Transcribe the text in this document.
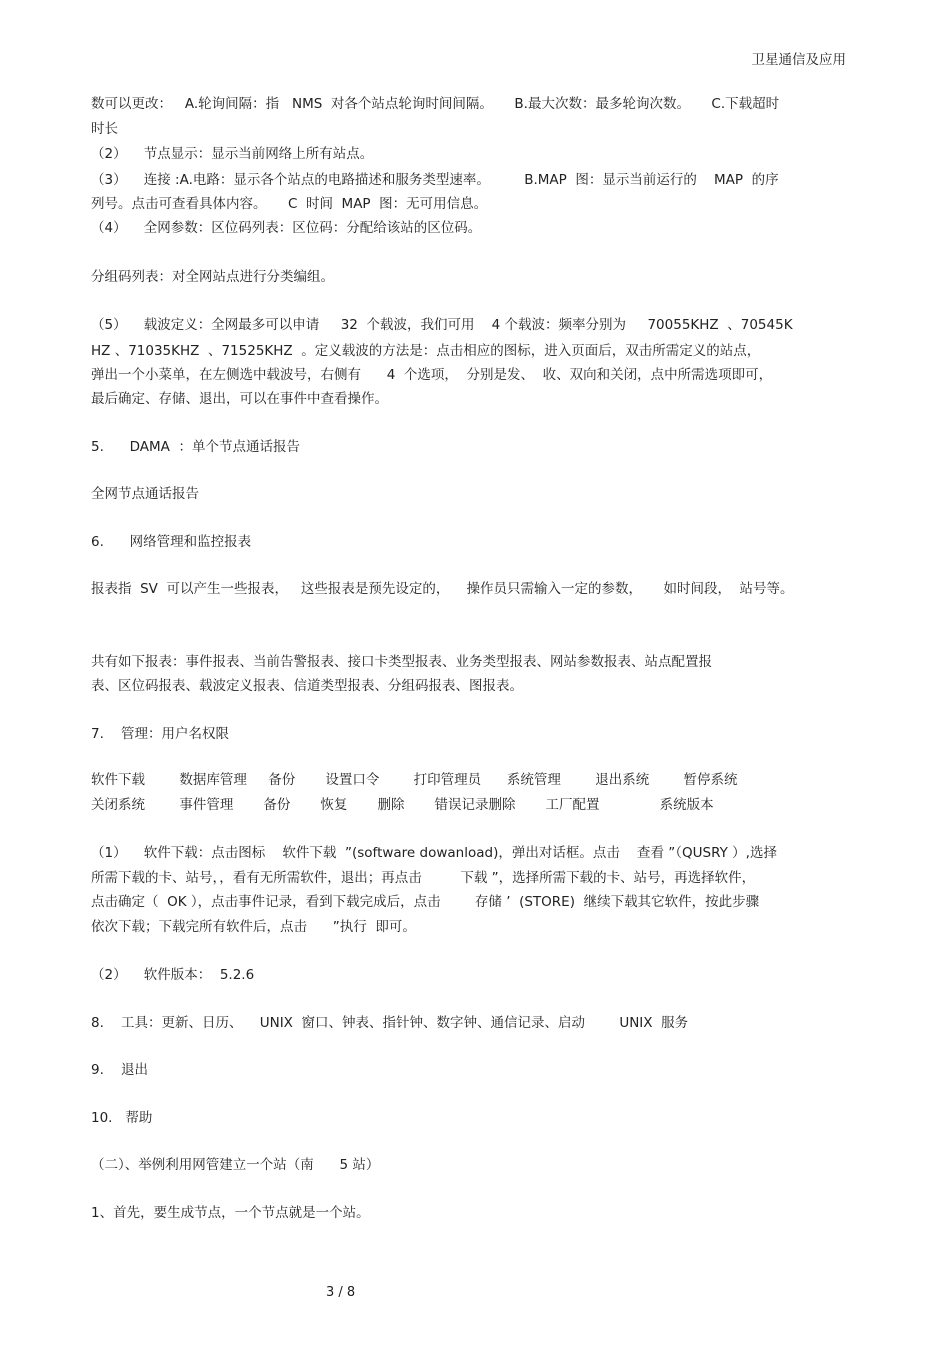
卫星通信及应用
数可以更改：   A.轮询间隔：指   NMS  对各个站点轮询时间间隔。     B.最大次数：最多轮询次数。     C.下载超时
时长
（2）    节点显示：显示当前网络上所有站点。
（3）    连接 :A.电路：显示各个站点的电路描述和服务类型速率。        B.MAP  图：显示当前运行的    MAP  的序
列号。点击可查看具体内容。     C  时间  MAP  图：无可用信息。
（4）    全网参数：区位码列表：区位码：分配给该站的区位码。
分组码列表：对全网站点进行分类编组。
（5）    载波定义：全网最多可以申请     32  个载波，我们可用    4 个载波：频率分别为     70055KHZ  、70545K
HZ 、71035KHZ  、71525KHZ  。定义载波的方法是：点击相应的图标，进入页面后，双击所需定义的站点，
弹出一个小菜单，在左侧选中载波号，右侧有      4  个选项，  分别是发、  收、双向和关闭，点中所需选项即可，
最后确定、存储、退出，可以在事件中查看操作。
5.      DAMA  ：单个节点通话报告
全网节点通话报告
6.      网络管理和监控报表
报表指  SV  可以产生一些报表，   这些报表是预先设定的，    操作员只需输入一定的参数，     如时间段，  站号等。
共有如下报表：事件报表、当前告警报表、接口卡类型报表、业务类型报表、网站参数报表、站点配置报
表、区位码报表、载波定义报表、信道类型报表、分组码报表、图报表。
7.    管理：用户名权限
软件下载        数据库管理     备份       设置口令        打印管理员      系统管理        退出系统        暂停系统
关闭系统        事件管理       备份       恢复       删除       错误记录删除       工厂配置              系统版本
（1）    软件下载：点击图标    软件下载  ”(software dowanload)，弹出对话框。点击    查看 ”（QUSRY ）,选择
所需下载的卡、站号，，看有无所需软件，退出；再点击         下载 ”，选择所需下载的卡、站号，再选择软件，
点击确定（  OK ），点击事件记录，看到下载完成后，点击        存储 ’  (STORE)  继续下载其它软件，按此步骤
依次下载；下载完所有软件后，点击      ”执行  即可。
（2）    软件版本：  5.2.6
8.    工具：更新、日历、    UNIX  窗口、钟表、指针钟、数字钟、通信记录、启动        UNIX  服务
9.    退出
10.   帮助
（二）、举例利用网管建立一个站（南      5 站）
1、首先，要生成节点，一个节点就是一个站。
3 / 8
